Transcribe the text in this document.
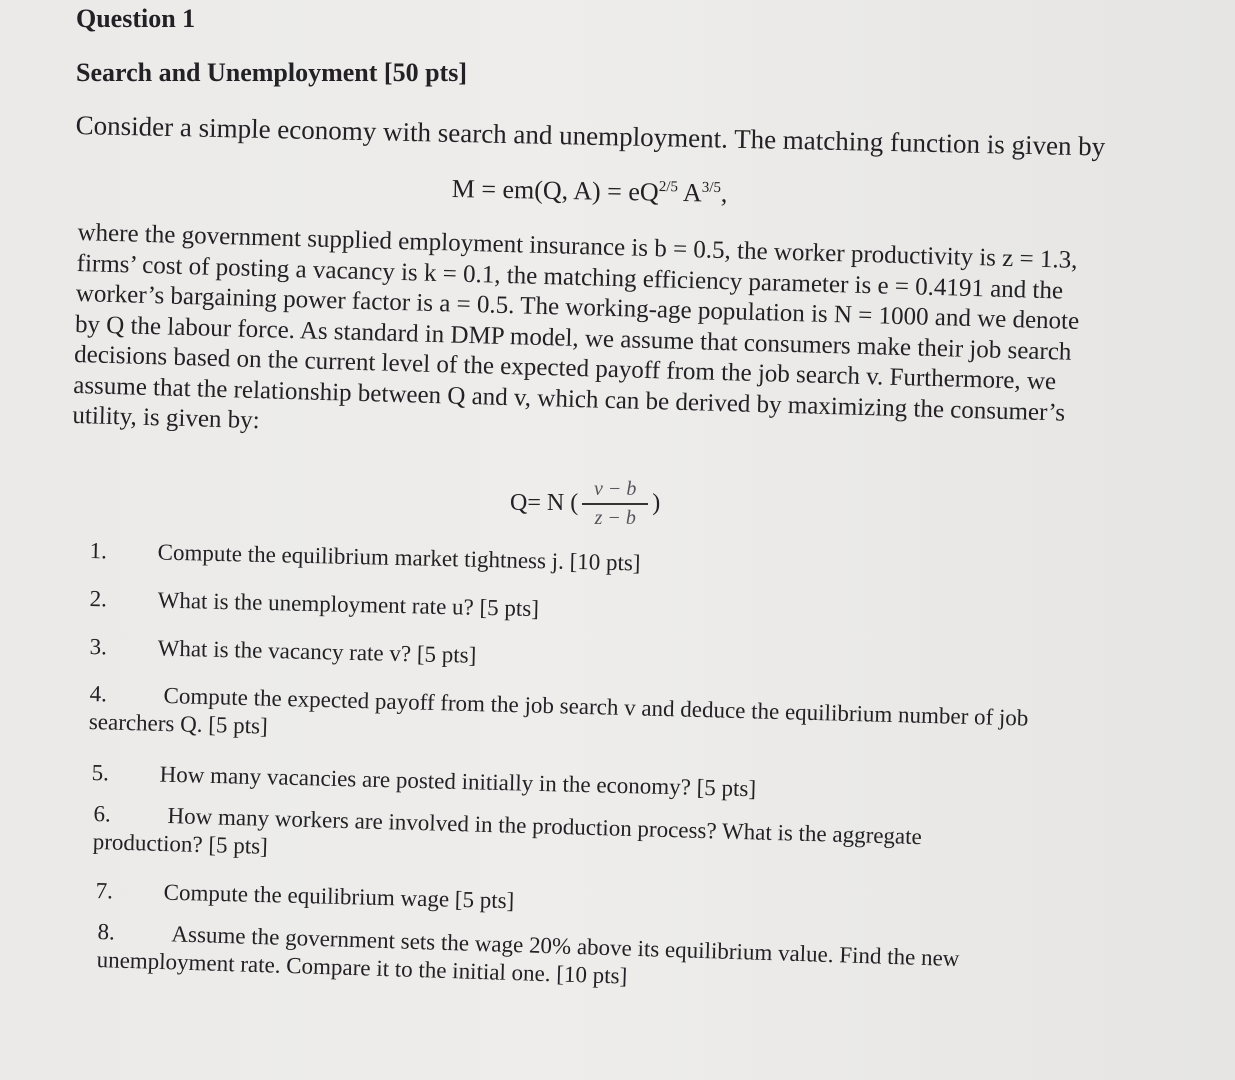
Question 1
Search and Unemployment [50 pts]

Consider a simple economy with search and unemployment. The matching function is given by

M = em(Q, $A) = eQ^{2/5}$ $A^{3/5}$,

where the government supplied employment insurance is b = 0.5, the worker productivity is z = 1.3, firms’ cost of posting a vacancy is k = 0.1, the matching efficiency parameter is e = 0.4191 and the worker’s bargaining power factor is a = 0.5. The working-age population is N = 1000 and we denote by Q the labour force. As standard in DMP model, we assume that consumers make their job search decisions based on the current level of the expected payoff from the job search v. Furthermore, we assume that the relationship between Q and v, which can be derived by maximizing the consumer’s utility, is given by:

Q= N ( $\frac{v - b}{z - b}$ )
1.	Compute the equilibrium market tightness j. [10 pts]
2.	What is the unemployment rate u? [5 pts]
3.	What is the vacancy rate v? [5 pts]
4. Compute the expected payoff from the job search v and deduce the equilibrium number of job searchers Q. [5 pts]
5.	How many vacancies are posted initially in the economy? [5 pts]
6. How many workers are involved in the production process? What is the aggregate production? [5 pts]
7.	Compute the equilibrium wage [5 pts]
8. Assume the government sets the wage 20% above its equilibrium value. Find the new unemployment rate. Compare it to the initial one. [10 pts]
